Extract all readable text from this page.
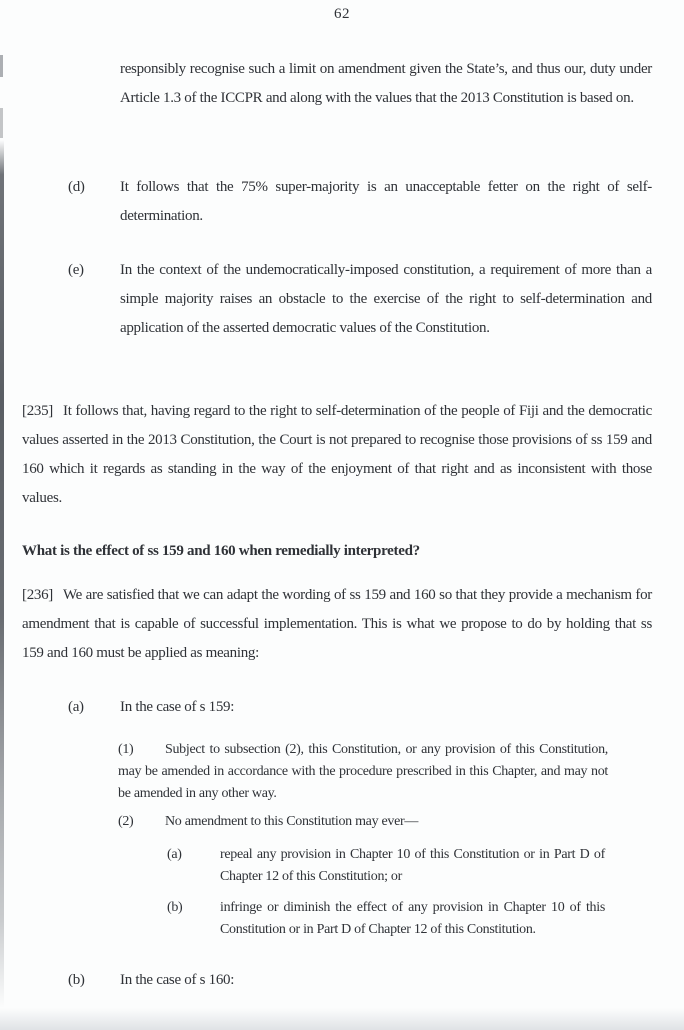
62
responsibly recognise such a limit on amendment given the State’s, and thus our, duty under Article 1.3 of the ICCPR and along with the values that the 2013 Constitution is based on.
(d)	It follows that the 75% super-majority is an unacceptable fetter on the right of self-determination.
(e)	In the context of the undemocratically-imposed constitution, a requirement of more than a simple majority raises an obstacle to the exercise of the right to self-determination and application of the asserted democratic values of the Constitution.
[235] It follows that, having regard to the right to self-determination of the people of Fiji and the democratic values asserted in the 2013 Constitution, the Court is not prepared to recognise those provisions of ss 159 and 160 which it regards as standing in the way of the enjoyment of that right and as inconsistent with those values.
What is the effect of ss 159 and 160 when remedially interpreted?
[236] We are satisfied that we can adapt the wording of ss 159 and 160 so that they provide a mechanism for amendment that is capable of successful implementation. This is what we propose to do by holding that ss 159 and 160 must be applied as meaning:
(a)	In the case of s 159:
(1) Subject to subsection (2), this Constitution, or any provision of this Constitution, may be amended in accordance with the procedure prescribed in this Chapter, and may not be amended in any other way.
(2) No amendment to this Constitution may ever—
(a)	repeal any provision in Chapter 10 of this Constitution or in Part D of Chapter 12 of this Constitution; or
(b)	infringe or diminish the effect of any provision in Chapter 10 of this Constitution or in Part D of Chapter 12 of this Constitution.
(b)	In the case of s 160:
